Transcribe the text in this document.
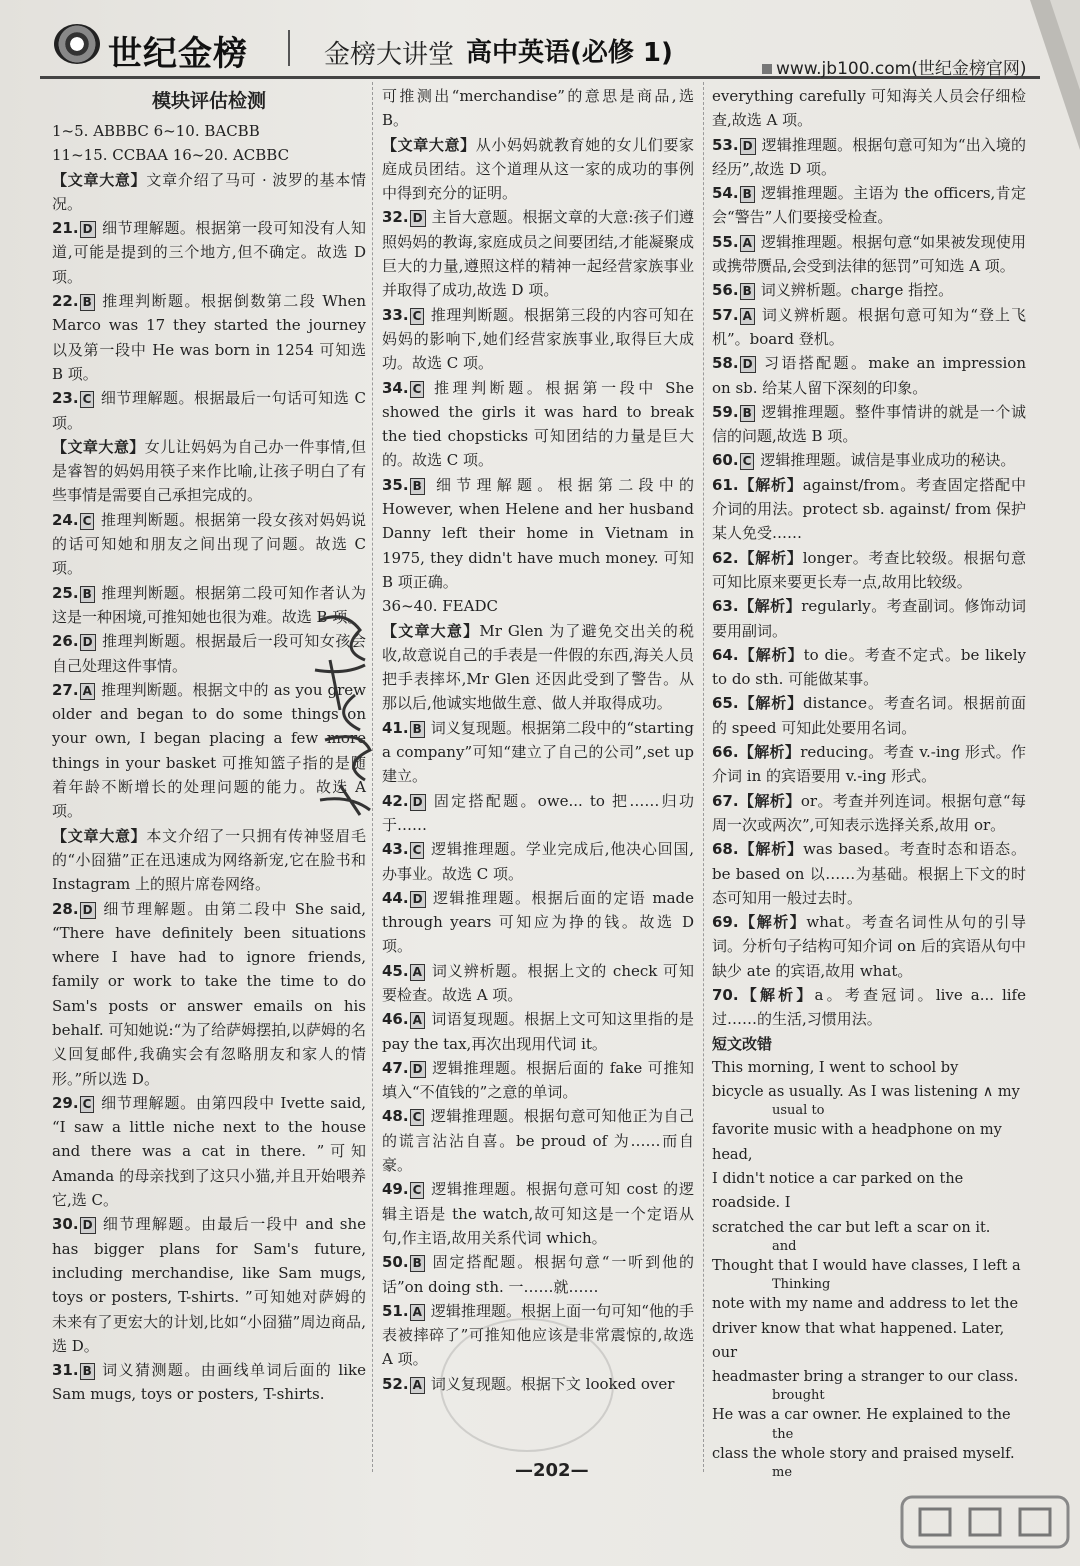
世纪金榜	金榜大讲堂 高中英语(必修 1)
www.jb100.com(世纪金榜官网)
模块评估检测

1~5. ABBBC 6~10. BACBB

11~15. CCBAA 16~20. ACBBC

【文章大意】文章介绍了马可 · 波罗的基本情况。

21. D 细节理解题。根据第一段可知没有人知道,可能是提到的三个地方,但不确定。故选 D 项。

22. B 推理判断题。根据倒数第二段 When Marco was 17 they started the journey 以及第一段中 He was born in 1254 可知选 B 项。

23. C 细节理解题。根据最后一句话可知选 C 项。

【文章大意】女儿让妈妈为自己办一件事情,但是睿智的妈妈用筷子来作比喻,让孩子明白了有些事情是需要自己承担完成的。

24. C 推理判断题。根据第一段女孩对妈妈说的话可知她和朋友之间出现了问题。故选 C 项。

25. B 推理判断题。根据第二段可知作者认为这是一种困境,可推知她也很为难。故选 B 项。

26. D 推理判断题。根据最后一段可知女孩会自己处理这件事情。

27. A 推理判断题。根据文中的 as you grew older and began to do some things on your own, I began placing a few more things in your basket 可推知篮子指的是随着年龄不断增长的处理问题的能力。故选 A 项。

【文章大意】本文介绍了一只拥有传神竖眉毛的“小囧猫”正在迅速成为网络新宠,它在脸书和 Instagram 上的照片席卷网络。

28. D 细节理解题。由第二段中 She said, “There have definitely been situations where I have had to ignore friends, family or work to take the time to do Sam's posts or answer emails on his behalf. 可知她说:“为了给萨姆摆拍,以萨姆的名义回复邮件,我确实会有忽略朋友和家人的情形。”所以选 D。

29. C 细节理解题。由第四段中 Ivette said, “I saw a little niche next to the house and there was a cat in there. ”可知 Amanda 的母亲找到了这只小猫,并且开始喂养它,选 C。

30. D 细节理解题。由最后一段中 and she has bigger plans for Sam's future, including merchandise, like Sam mugs, toys or posters, T-shirts. ”可知她对萨姆的未来有了更宏大的计划,比如“小囧猫”周边商品,选 D。

31. B 词义猜测题。由画线单词后面的 like Sam mugs, toys or posters, T-shirts.

可推测出“merchandise”的意思是商品,选 B。

【文章大意】从小妈妈就教育她的女儿们要家庭成员团结。这个道理从这一家的成功的事例中得到充分的证明。

32. D 主旨大意题。根据文章的大意:孩子们遵照妈妈的教诲,家庭成员之间要团结,才能凝聚成巨大的力量,遵照这样的精神一起经营家族事业并取得了成功,故选 D 项。

33. C 推理判断题。根据第三段的内容可知在妈妈的影响下,她们经营家族事业,取得巨大成功。故选 C 项。

34. C 推理判断题。根据第一段中 She showed the girls it was hard to break the tied chopsticks 可知团结的力量是巨大的。故选 C 项。

35. B 细节理解题。根据第二段中的 However, when Helene and her husband Danny left their home in Vietnam in 1975, they didn't have much money. 可知 B 项正确。

36~40. FEADC

【文章大意】Mr Glen 为了避免交出关的税收,故意说自己的手表是一件假的东西,海关人员把手表摔坏,Mr Glen 还因此受到了警告。从那以后,他诚实地做生意、做人并取得成功。

41. B 词义复现题。根据第二段中的“starting a company”可知“建立了自己的公司”,set up 建立。

42. D 固定搭配题。owe... to 把……归功于……

43. C 逻辑推理题。学业完成后,他决心回国,办事业。故选 C 项。

44. D 逻辑推理题。根据后面的定语 made through years 可知应为挣的钱。故选 D 项。

45. A 词义辨析题。根据上文的 check 可知要检查。故选 A 项。

46. A 词语复现题。根据上文可知这里指的是 pay the tax,再次出现用代词 it。

47. D 逻辑推理题。根据后面的 fake 可推知填入“不值钱的”之意的单词。

48. C 逻辑推理题。根据句意可知他正为自己的谎言沾沾自喜。be proud of 为……而自豪。

49. C 逻辑推理题。根据句意可知 cost 的逻辑主语是 the watch,故可知这是一个定语从句,作主语,故用关系代词 which。

50. B 固定搭配题。根据句意“一听到他的话”on doing sth. 一……就……

51. A 逻辑推理题。根据上面一句可知“他的手表被摔碎了”可推知他应该是非常震惊的,故选 A 项。

52. A 词义复现题。根据下文 looked over

everything carefully 可知海关人员会仔细检查,故选 A 项。

53. D 逻辑推理题。根据句意可知为“出入境的经历”,故选 D 项。

54. B 逻辑推理题。主语为 the officers,肯定会“警告”人们要接受检查。

55. A 逻辑推理题。根据句意“如果被发现使用或携带赝品,会受到法律的惩罚”可知选 A 项。

56. B 词义辨析题。charge 指控。

57. A 词义辨析题。根据句意可知为“登上飞机”。board 登机。

58. D 习语搭配题。make an impression on sb. 给某人留下深刻的印象。

59. B 逻辑推理题。整件事情讲的就是一个诚信的问题,故选 B 项。

60. C 逻辑推理题。诚信是事业成功的秘诀。

61.【解析】against/from。考查固定搭配中介词的用法。protect sb. against/ from 保护某人免受……

62.【解析】longer。考查比较级。根据句意可知比原来要更长寿一点,故用比较级。

63.【解析】regularly。考查副词。修饰动词要用副词。

64.【解析】to die。考查不定式。be likely to do sth. 可能做某事。

65.【解析】distance。考查名词。根据前面的 speed 可知此处要用名词。

66.【解析】reducing。考查 v.-ing 形式。作介词 in 的宾语要用 v.-ing 形式。

67.【解析】or。考查并列连词。根据句意“每周一次或两次”,可知表示选择关系,故用 or。

68.【解析】was based。考查时态和语态。be based on 以……为基础。根据上下文的时态可知用一般过去时。

69.【解析】what。考查名词性从句的引导词。分析句子结构可知介词 on 后的宾语从句中缺少 ate 的宾语,故用 what。

70.【解析】a。考查冠词。live a... life 过……的生活,习惯用法。

短文改错

This morning, I went to school by

bicycle as usually. As I was listening ∧ my

usual to

favorite music with a headphone on my head,

I didn't notice a car parked on the roadside. I

scratched the car but left a scar on it.

and

Thought that I would have classes, I left a

Thinking

note with my name and address to let the

driver know that what happened. Later, our

headmaster bring a stranger to our class.

brought

He was a car owner. He explained to the

the

class the whole story and praised myself.

me

—202—
